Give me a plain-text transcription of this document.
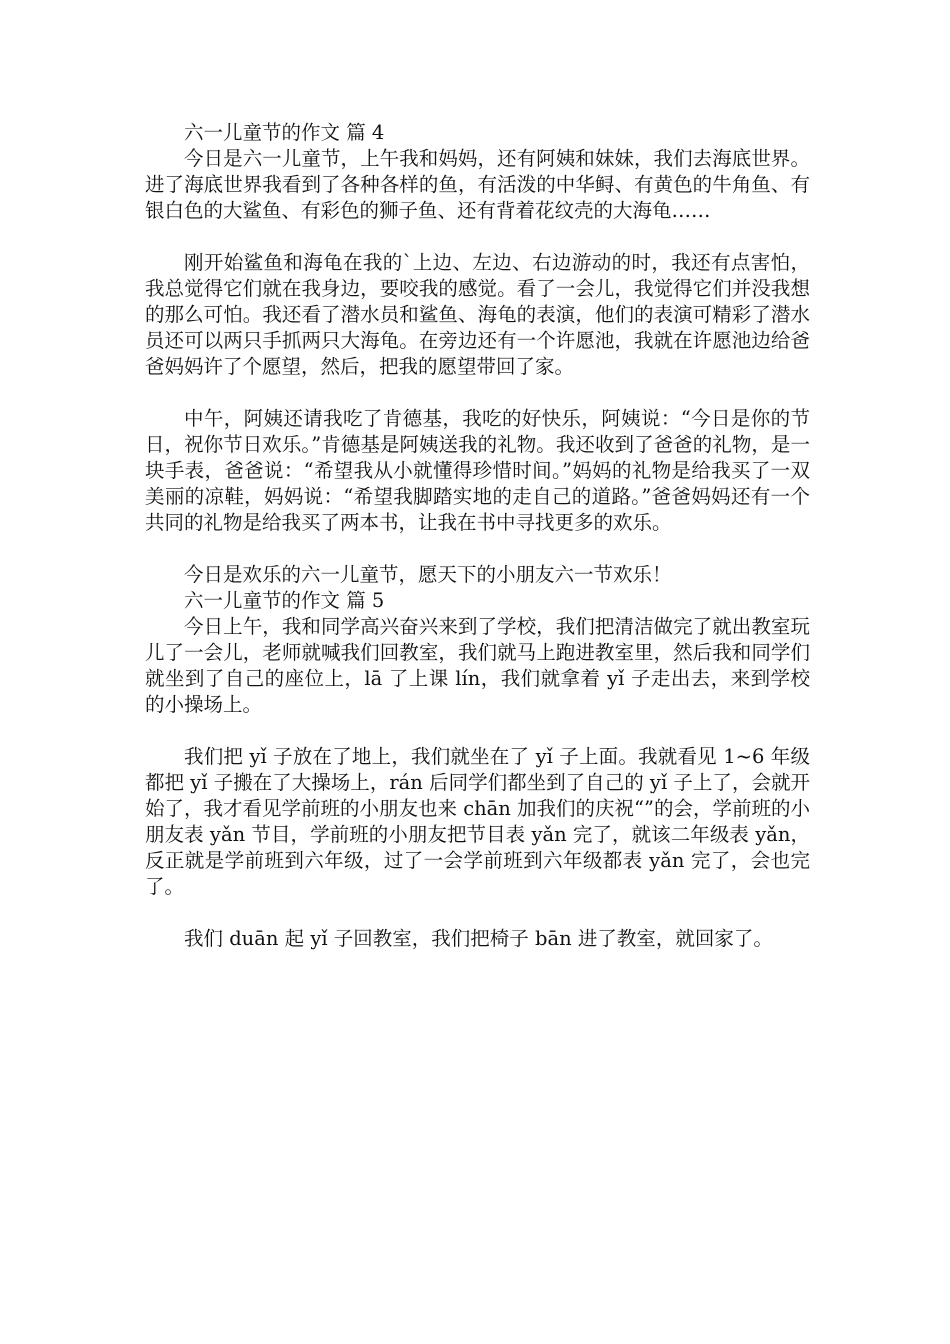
六一儿童节的作文 篇 4

今日是六一儿童节，上午我和妈妈，还有阿姨和妹妹，我们去海底世界。进了海底世界我看到了各种各样的鱼，有活泼的中华鲟、有黄色的牛角鱼、有银白色的大鲨鱼、有彩色的狮子鱼、还有背着花纹壳的大海龟……

刚开始鲨鱼和海龟在我的`上边、左边、右边游动的时，我还有点害怕，我总觉得它们就在我身边，要咬我的感觉。看了一会儿，我觉得它们并没我想的那么可怕。我还看了潜水员和鲨鱼、海龟的表演，他们的表演可精彩了潜水员还可以两只手抓两只大海龟。在旁边还有一个许愿池，我就在许愿池边给爸爸妈妈许了个愿望，然后，把我的愿望带回了家。

中午，阿姨还请我吃了肯德基，我吃的好快乐，阿姨说：“今日是你的节日，祝你节日欢乐。”肯德基是阿姨送我的礼物。我还收到了爸爸的礼物，是一块手表，爸爸说：“希望我从小就懂得珍惜时间。”妈妈的礼物是给我买了一双美丽的凉鞋，妈妈说：“希望我脚踏实地的走自己的道路。”爸爸妈妈还有一个共同的礼物是给我买了两本书，让我在书中寻找更多的欢乐。

今日是欢乐的六一儿童节，愿天下的小朋友六一节欢乐！

六一儿童节的作文 篇 5

今日上午，我和同学高兴奋兴来到了学校，我们把清洁做完了就出教室玩儿了一会儿，老师就喊我们回教室，我们就马上跑进教室里，然后我和同学们就坐到了自己的座位上，lā 了上课 lín，我们就拿着 yǐ 子走出去，来到学校的小操场上。

我们把 yǐ 子放在了地上，我们就坐在了 yǐ 子上面。我就看见 1~6 年级都把 yǐ 子搬在了大操场上，rán 后同学们都坐到了自己的 yǐ 子上了，会就开始了，我才看见学前班的小朋友也来 chān 加我们的庆祝“”的会，学前班的小朋友表 yǎn 节目，学前班的小朋友把节目表 yǎn 完了，就该二年级表 yǎn，反正就是学前班到六年级，过了一会学前班到六年级都表 yǎn 完了，会也完了。

我们 duān 起 yǐ 子回教室，我们把椅子 bān 进了教室，就回家了。
